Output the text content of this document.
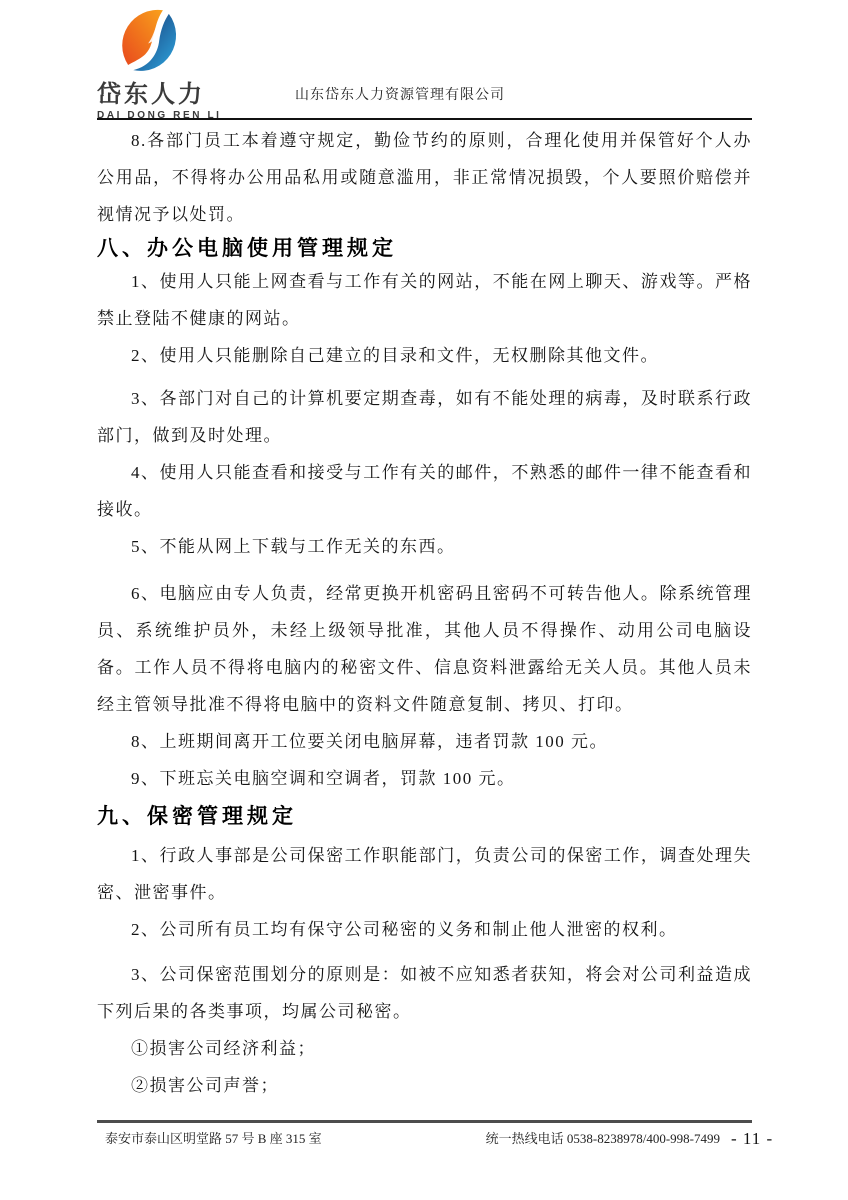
岱东人力
DAI DONG REN LI
山东岱东人力资源管理有限公司

8.各部门员工本着遵守规定，勤俭节约的原则，合理化使用并保管好个人办公用品，不得将办公用品私用或随意滥用，非正常情况损毁，个人要照价赔偿并视情况予以处罚。

八、办公电脑使用管理规定

1、使用人只能上网查看与工作有关的网站，不能在网上聊天、游戏等。严格禁止登陆不健康的网站。

2、使用人只能删除自己建立的目录和文件，无权删除其他文件。

3、各部门对自己的计算机要定期查毒，如有不能处理的病毒，及时联系行政部门，做到及时处理。

4、使用人只能查看和接受与工作有关的邮件，不熟悉的邮件一律不能查看和接收。

5、不能从网上下载与工作无关的东西。

6、电脑应由专人负责，经常更换开机密码且密码不可转告他人。除系统管理员、系统维护员外，未经上级领导批准，其他人员不得操作、动用公司电脑设备。工作人员不得将电脑内的秘密文件、信息资料泄露给无关人员。其他人员未经主管领导批准不得将电脑中的资料文件随意复制、拷贝、打印。

8、上班期间离开工位要关闭电脑屏幕，违者罚款 100 元。

9、下班忘关电脑空调和空调者，罚款 100 元。

九、保密管理规定

1、行政人事部是公司保密工作职能部门，负责公司的保密工作，调查处理失密、泄密事件。

2、公司所有员工均有保守公司秘密的义务和制止他人泄密的权利。

3、公司保密范围划分的原则是：如被不应知悉者获知，将会对公司利益造成下列后果的各类事项，均属公司秘密。

①损害公司经济利益；

②损害公司声誉；

泰安市泰山区明堂路 57 号 B 座 315 室	统一热线电话 0538-8238978/400-998-7499 - 11 -
